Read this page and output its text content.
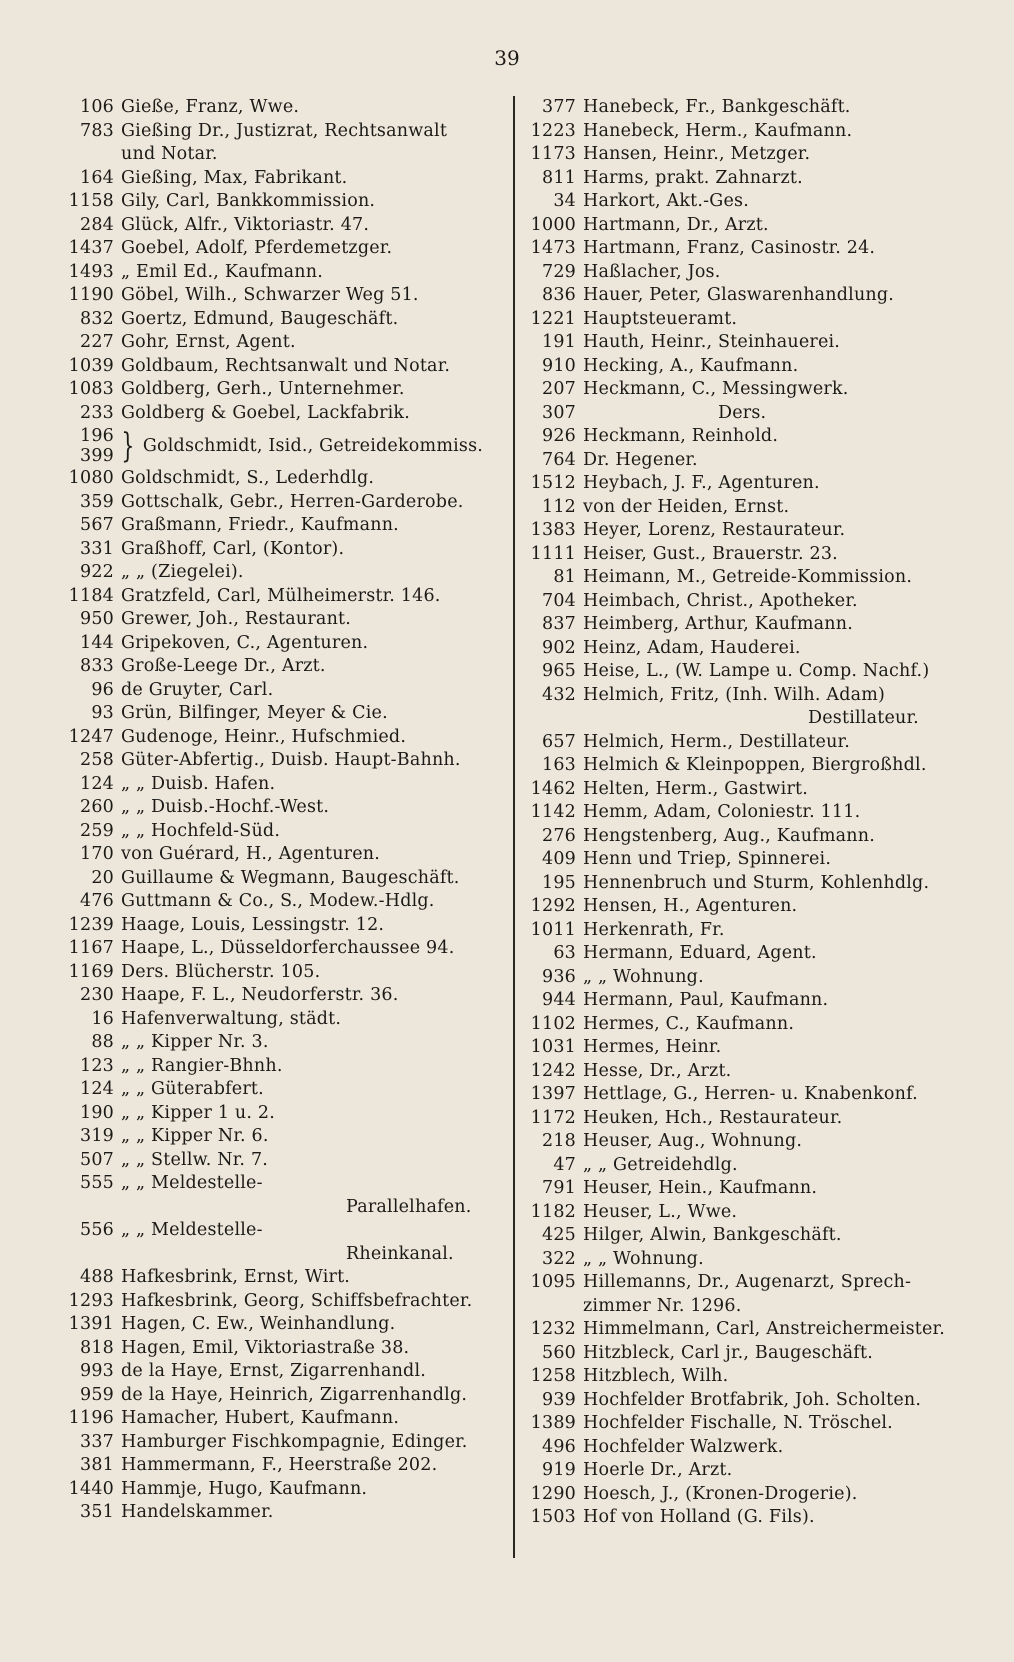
39
106 Gieße, Franz, Wwe.
783 Gießing Dr., Justizrat, Rechtsanwalt
und Notar.
164 Gießing, Max, Fabrikant.
1158 Gily, Carl, Bankkommission.
284 Glück, Alfr., Viktoriastr. 47.
1437 Goebel, Adolf, Pferdemetzger.
1493 „ Emil Ed., Kaufmann.
1190 Göbel, Wilh., Schwarzer Weg 51.
832 Goertz, Edmund, Baugeschäft.
227 Gohr, Ernst, Agent.
1039 Goldbaum, Rechtsanwalt und Notar.
1083 Goldberg, Gerh., Unternehmer.
233 Goldberg & Goebel, Lackfabrik.
196
399 } Goldschmidt, Isid., Getreidekommiss.
1080 Goldschmidt, S., Lederhdlg.
359 Gottschalk, Gebr., Herren-Garderobe.
567 Graßmann, Friedr., Kaufmann.
331 Graßhoff, Carl, (Kontor).
922 „ „ (Ziegelei).
1184 Gratzfeld, Carl, Mülheimerstr. 146.
950 Grewer, Joh., Restaurant.
144 Gripekoven, C., Agenturen.
833 Große-Leege Dr., Arzt.
96 de Gruyter, Carl.
93 Grün, Bilfinger, Meyer & Cie.
1247 Gudenoge, Heinr., Hufschmied.
258 Güter-Abfertig., Duisb. Haupt-Bahnh.
124 „ „ Duisb. Hafen.
260 „ „ Duisb.-Hochf.-West.
259 „ „ Hochfeld-Süd.
170 von Guérard, H., Agenturen.
20 Guillaume & Wegmann, Baugeschäft.
476 Guttmann & Co., S., Modew.-Hdlg.
1239 Haage, Louis, Lessingstr. 12.
1167 Haape, L., Düsseldorferchaussee 94.
1169 Ders. Blücherstr. 105.
230 Haape, F. L., Neudorferstr. 36.
16 Hafenverwaltung, städt.
88 „ „ Kipper Nr. 3.
123 „ „ Rangier-Bhnh.
124 „ „ Güterabfert.
190 „ „ Kipper 1 u. 2.
319 „ „ Kipper Nr. 6.
507 „ „ Stellw. Nr. 7.
555 „ „ Meldestelle-
Parallelhafen.
556 „ „ Meldestelle-
Rheinkanal.
488 Hafkesbrink, Ernst, Wirt.
1293 Hafkesbrink, Georg, Schiffsbefrachter.
1391 Hagen, C. Ew., Weinhandlung.
818 Hagen, Emil, Viktoriastraße 38.
993 de la Haye, Ernst, Zigarrenhandl.
959 de la Haye, Heinrich, Zigarrenhandlg.
1196 Hamacher, Hubert, Kaufmann.
337 Hamburger Fischkompagnie, Edinger.
381 Hammermann, F., Heerstraße 202.
1440 Hammje, Hugo, Kaufmann.
351 Handelskammer.
377 Hanebeck, Fr., Bankgeschäft.
1223 Hanebeck, Herm., Kaufmann.
1173 Hansen, Heinr., Metzger.
811 Harms, prakt. Zahnarzt.
34 Harkort, Akt.-Ges.
1000 Hartmann, Dr., Arzt.
1473 Hartmann, Franz, Casinostr. 24.
729 Haßlacher, Jos.
836 Hauer, Peter, Glaswarenhandlung.
1221 Hauptsteueramt.
191 Hauth, Heinr., Steinhauerei.
910 Hecking, A., Kaufmann.
207 Heckmann, C., Messingwerk.
307	Ders.
926 Heckmann, Reinhold.
764 Dr. Hegener.
1512 Heybach, J. F., Agenturen.
112 von der Heiden, Ernst.
1383 Heyer, Lorenz, Restaurateur.
1111 Heiser, Gust., Brauerstr. 23.
81 Heimann, M., Getreide-Kommission.
704 Heimbach, Christ., Apotheker.
837 Heimberg, Arthur, Kaufmann.
902 Heinz, Adam, Hauderei.
965 Heise, L., (W. Lampe u. Comp. Nachf.)
432 Helmich, Fritz, (Inh. Wilh. Adam)
Destillateur.
657 Helmich, Herm., Destillateur.
163 Helmich & Kleinpoppen, Biergroßhdl.
1462 Helten, Herm., Gastwirt.
1142 Hemm, Adam, Coloniestr. 111.
276 Hengstenberg, Aug., Kaufmann.
409 Henn und Triep, Spinnerei.
195 Hennenbruch und Sturm, Kohlenhdlg.
1292 Hensen, H., Agenturen.
1011 Herkenrath, Fr.
63 Hermann, Eduard, Agent.
936 „ „ Wohnung.
944 Hermann, Paul, Kaufmann.
1102 Hermes, C., Kaufmann.
1031 Hermes, Heinr.
1242 Hesse, Dr., Arzt.
1397 Hettlage, G., Herren- u. Knabenkonf.
1172 Heuken, Hch., Restaurateur.
218 Heuser, Aug., Wohnung.
47 „ „ Getreidehdlg.
791 Heuser, Hein., Kaufmann.
1182 Heuser, L., Wwe.
425 Hilger, Alwin, Bankgeschäft.
322 „ „ Wohnung.
1095 Hillemanns, Dr., Augenarzt, Sprech-
zimmer Nr. 1296.
1232 Himmelmann, Carl, Anstreichermeister.
560 Hitzbleck, Carl jr., Baugeschäft.
1258 Hitzblech, Wilh.
939 Hochfelder Brotfabrik, Joh. Scholten.
1389 Hochfelder Fischalle, N. Tröschel.
496 Hochfelder Walzwerk.
919 Hoerle Dr., Arzt.
1290 Hoesch, J., (Kronen-Drogerie).
1503 Hof von Holland (G. Fils).
